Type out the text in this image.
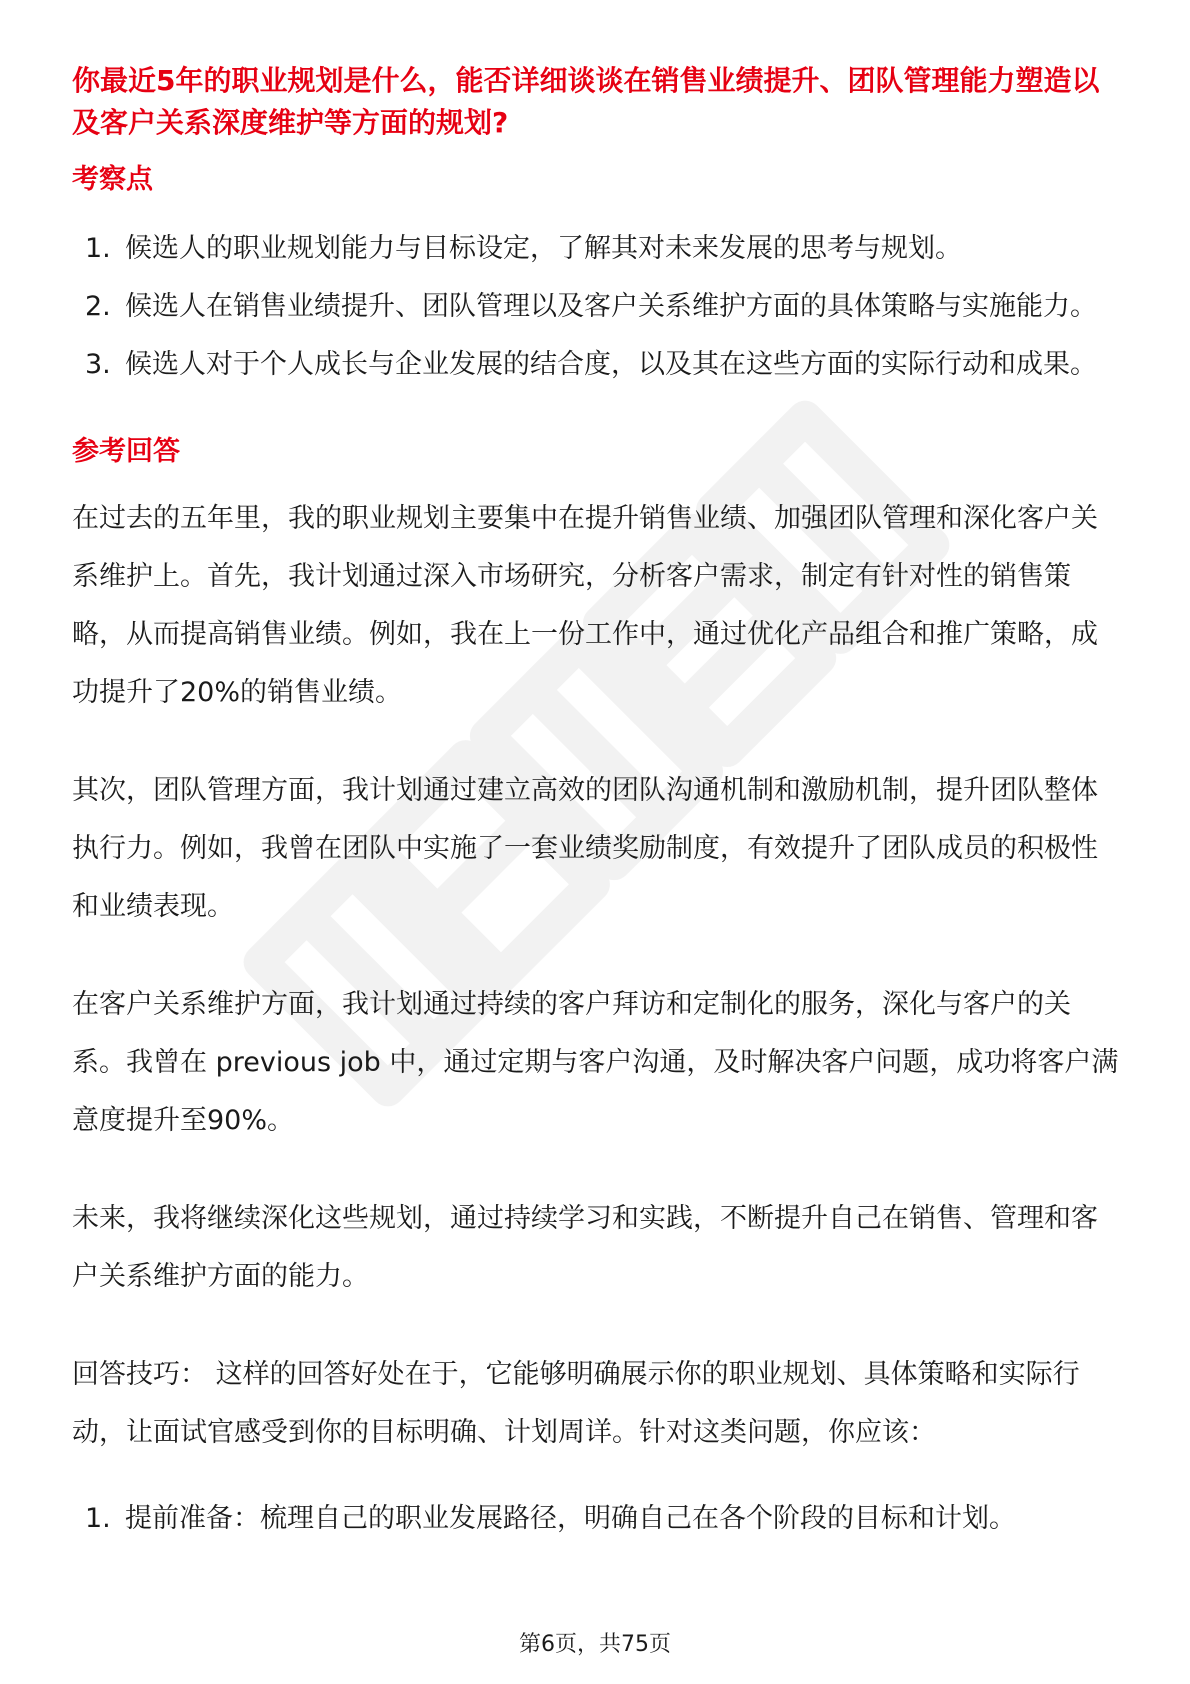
你最近5年的职业规划是什么，能否详细谈谈在销售业绩提升、团队管理能力塑造以及客户关系深度维护等方面的规划?

考察点
1. 候选人的职业规划能力与目标设定，了解其对未来发展的思考与规划。
2. 候选人在销售业绩提升、团队管理以及客户关系维护方面的具体策略与实施能力。
3. 候选人对于个人成长与企业发展的结合度，以及其在这些方面的实际行动和成果。
参考回答

在过去的五年里，我的职业规划主要集中在提升销售业绩、加强团队管理和深化客户关系维护上。首先，我计划通过深入市场研究，分析客户需求，制定有针对性的销售策略，从而提高销售业绩。例如，我在上一份工作中，通过优化产品组合和推广策略，成功提升了20%的销售业绩。

其次，团队管理方面，我计划通过建立高效的团队沟通机制和激励机制，提升团队整体执行力。例如，我曾在团队中实施了一套业绩奖励制度，有效提升了团队成员的积极性和业绩表现。

在客户关系维护方面，我计划通过持续的客户拜访和定制化的服务，深化与客户的关系。我曾在 previous job 中，通过定期与客户沟通，及时解决客户问题，成功将客户满意度提升至90%。

未来，我将继续深化这些规划，通过持续学习和实践，不断提升自己在销售、管理和客户关系维护方面的能力。

回答技巧： 这样的回答好处在于，它能够明确展示你的职业规划、具体策略和实际行动，让面试官感受到你的目标明确、计划周详。针对这类问题，你应该：

1. 提前准备：梳理自己的职业发展路径，明确自己在各个阶段的目标和计划。
第6页，共75页
